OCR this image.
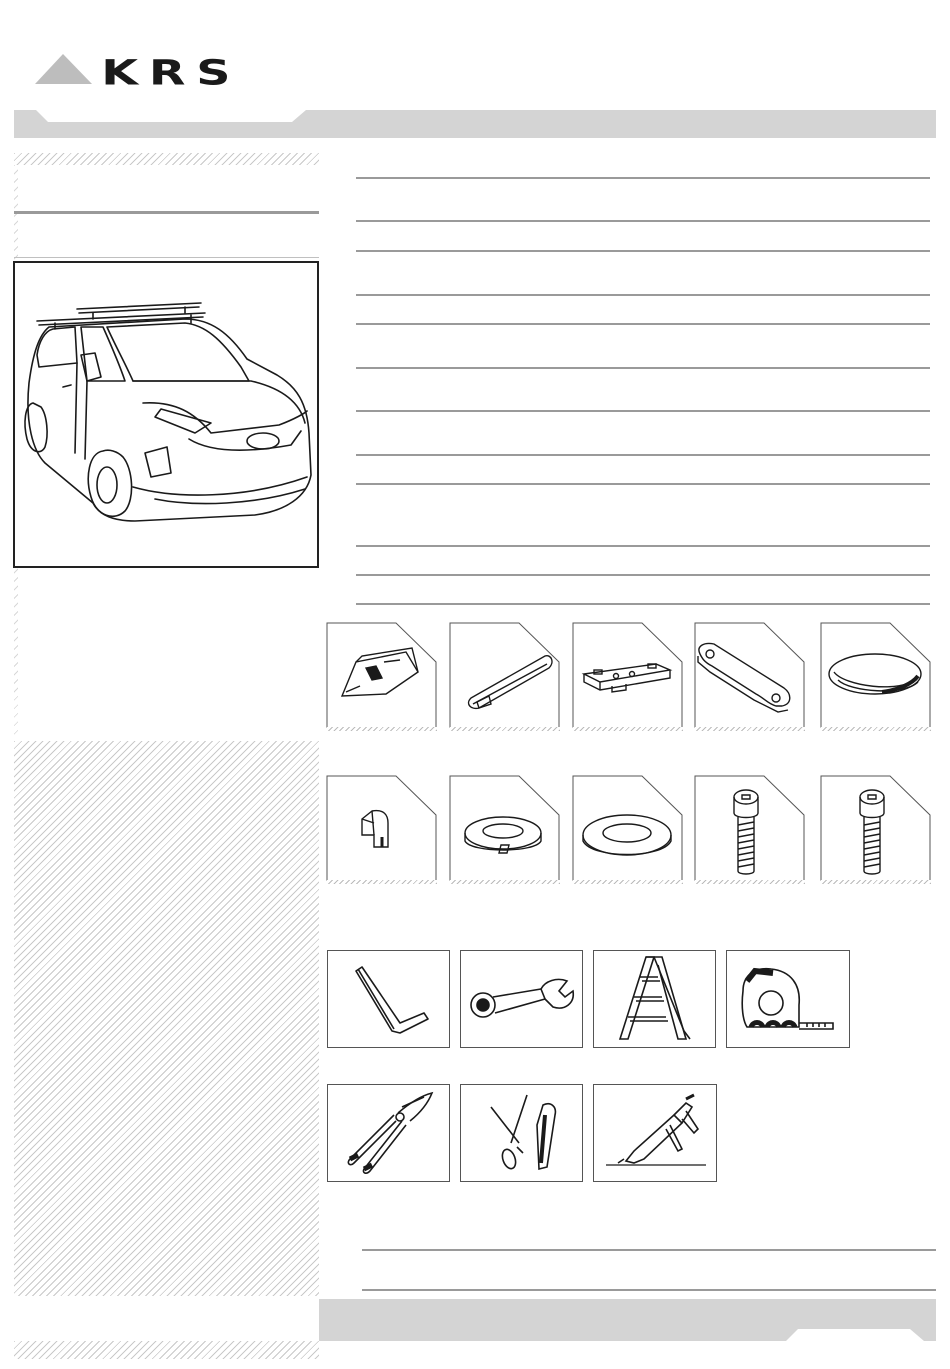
KRS
